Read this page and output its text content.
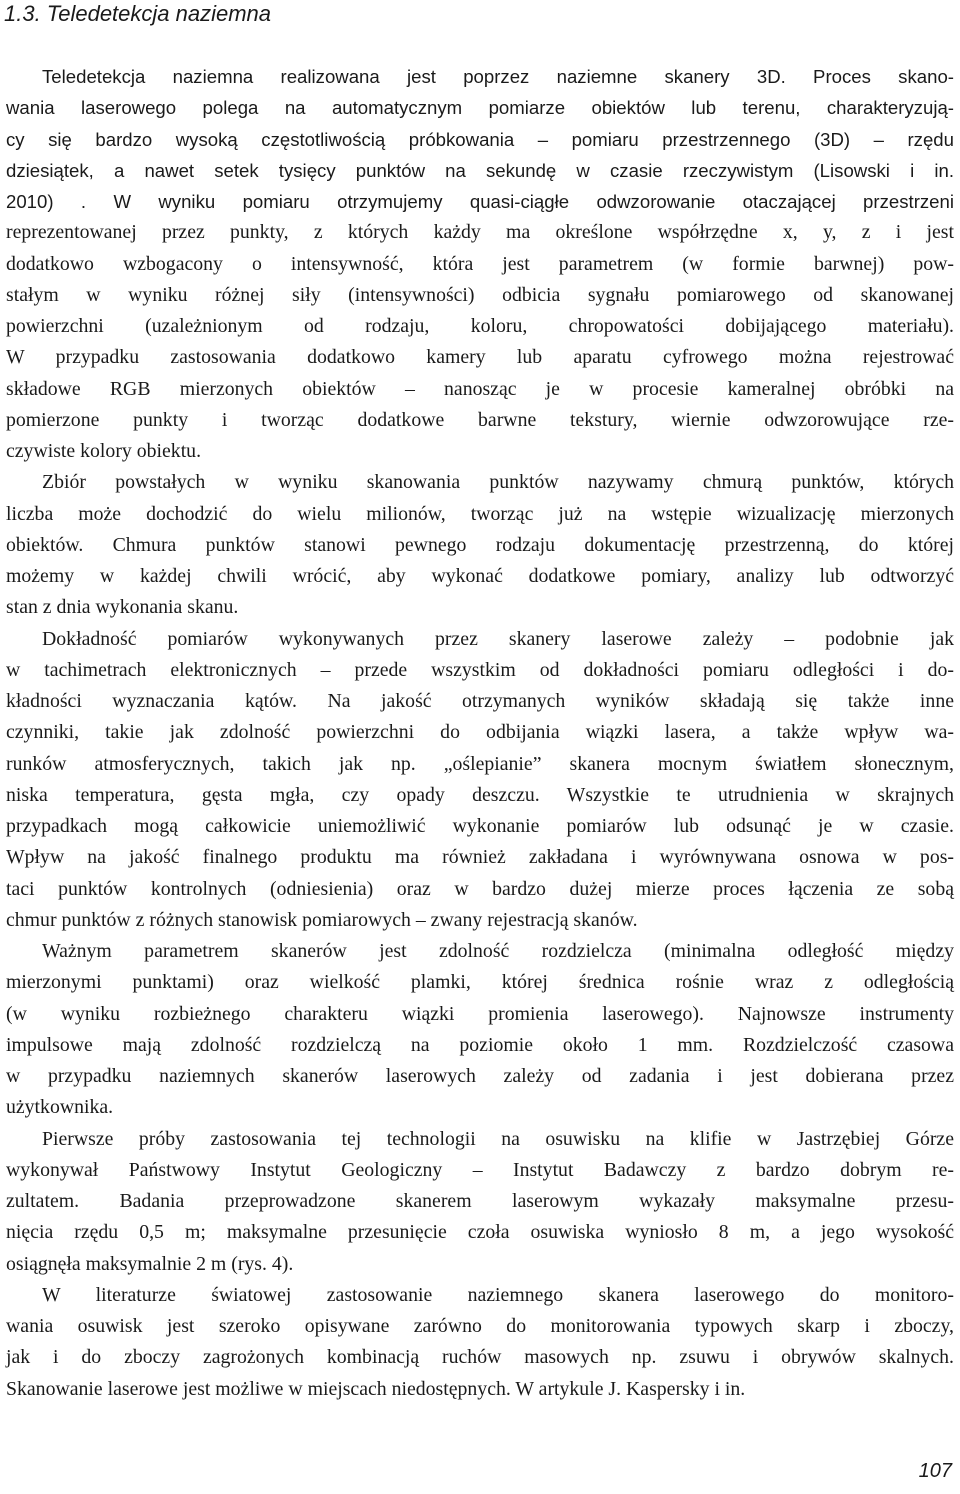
1.3. Teledetekcja naziemna

Teledetekcja naziemna realizowana jest poprzez naziemne skanery 3D. Proces skano-
wania laserowego polega na automatycznym pomiarze obiektów lub terenu, charakteryzują-
cy się bardzo wysoką częstotliwością próbkowania – pomiaru przestrzennego (3D) – rzędu
dziesiątek, a nawet setek tysięcy punktów na sekundę w czasie rzeczywistym (Lisowski i in.
2010) . W wyniku pomiaru otrzymujemy quasi-ciągłe odwzorowanie otaczającej przestrzeni
reprezentowanej przez punkty, z których każdy ma określone współrzędne x, y, z i jest
dodatkowo wzbogacony o intensywność, która jest parametrem (w formie barwnej) pow-
stałym w wyniku różnej siły (intensywności) odbicia sygnału pomiarowego od skanowanej
powierzchni (uzależnionym od rodzaju, koloru, chropowatości dobijającego materiału).
W przypadku zastosowania dodatkowo kamery lub aparatu cyfrowego można rejestrować
składowe RGB mierzonych obiektów – nanosząc je w procesie kameralnej obróbki na
pomierzone punkty i tworząc dodatkowe barwne tekstury, wiernie odwzorowujące rze-
czywiste kolory obiektu.

Zbiór powstałych w wyniku skanowania punktów nazywamy chmurą punktów, których
liczba może dochodzić do wielu milionów, tworząc już na wstępie wizualizację mierzonych
obiektów. Chmura punktów stanowi pewnego rodzaju dokumentację przestrzenną, do której
możemy w każdej chwili wrócić, aby wykonać dodatkowe pomiary, analizy lub odtworzyć
stan z dnia wykonania skanu.

Dokładność pomiarów wykonywanych przez skanery laserowe zależy – podobnie jak
w tachimetrach elektronicznych – przede wszystkim od dokładności pomiaru odległości i do-
kładności wyznaczania kątów. Na jakość otrzymanych wyników składają się także inne
czynniki, takie jak zdolność powierzchni do odbijania wiązki lasera, a także wpływ wa-
runków atmosferycznych, takich jak np. „oślepianie” skanera mocnym światłem słonecznym,
niska temperatura, gęsta mgła, czy opady deszczu. Wszystkie te utrudnienia w skrajnych
przypadkach mogą całkowicie uniemożliwić wykonanie pomiarów lub odsunąć je w czasie.
Wpływ na jakość finalnego produktu ma również zakładana i wyrównywana osnowa w pos-
taci punktów kontrolnych (odniesienia) oraz w bardzo dużej mierze proces łączenia ze sobą
chmur punktów z różnych stanowisk pomiarowych – zwany rejestracją skanów.

Ważnym parametrem skanerów jest zdolność rozdzielcza (minimalna odległość między
mierzonymi punktami) oraz wielkość plamki, której średnica rośnie wraz z odległością
(w wyniku rozbieżnego charakteru wiązki promienia laserowego). Najnowsze instrumenty
impulsowe mają zdolność rozdzielczą na poziomie około 1 mm. Rozdzielczość czasowa
w przypadku naziemnych skanerów laserowych zależy od zadania i jest dobierana przez
użytkownika.

Pierwsze próby zastosowania tej technologii na osuwisku na klifie w Jastrzębiej Górze
wykonywał Państwowy Instytut Geologiczny – Instytut Badawczy z bardzo dobrym re-
zultatem. Badania przeprowadzone skanerem laserowym wykazały maksymalne przesu-
nięcia rzędu 0,5 m; maksymalne przesunięcie czoła osuwiska wyniosło 8 m, a jego wysokość
osiągnęła maksymalnie 2 m (rys. 4).

W literaturze światowej zastosowanie naziemnego skanera laserowego do monitoro-
wania osuwisk jest szeroko opisywane zarówno do monitorowania typowych skarp i zboczy,
jak i do zboczy zagrożonych kombinacją ruchów masowych np. zsuwu i obrywów skalnych.
Skanowanie laserowe jest możliwe w miejscach niedostępnych. W artykule J. Kaspersky i in.

107
